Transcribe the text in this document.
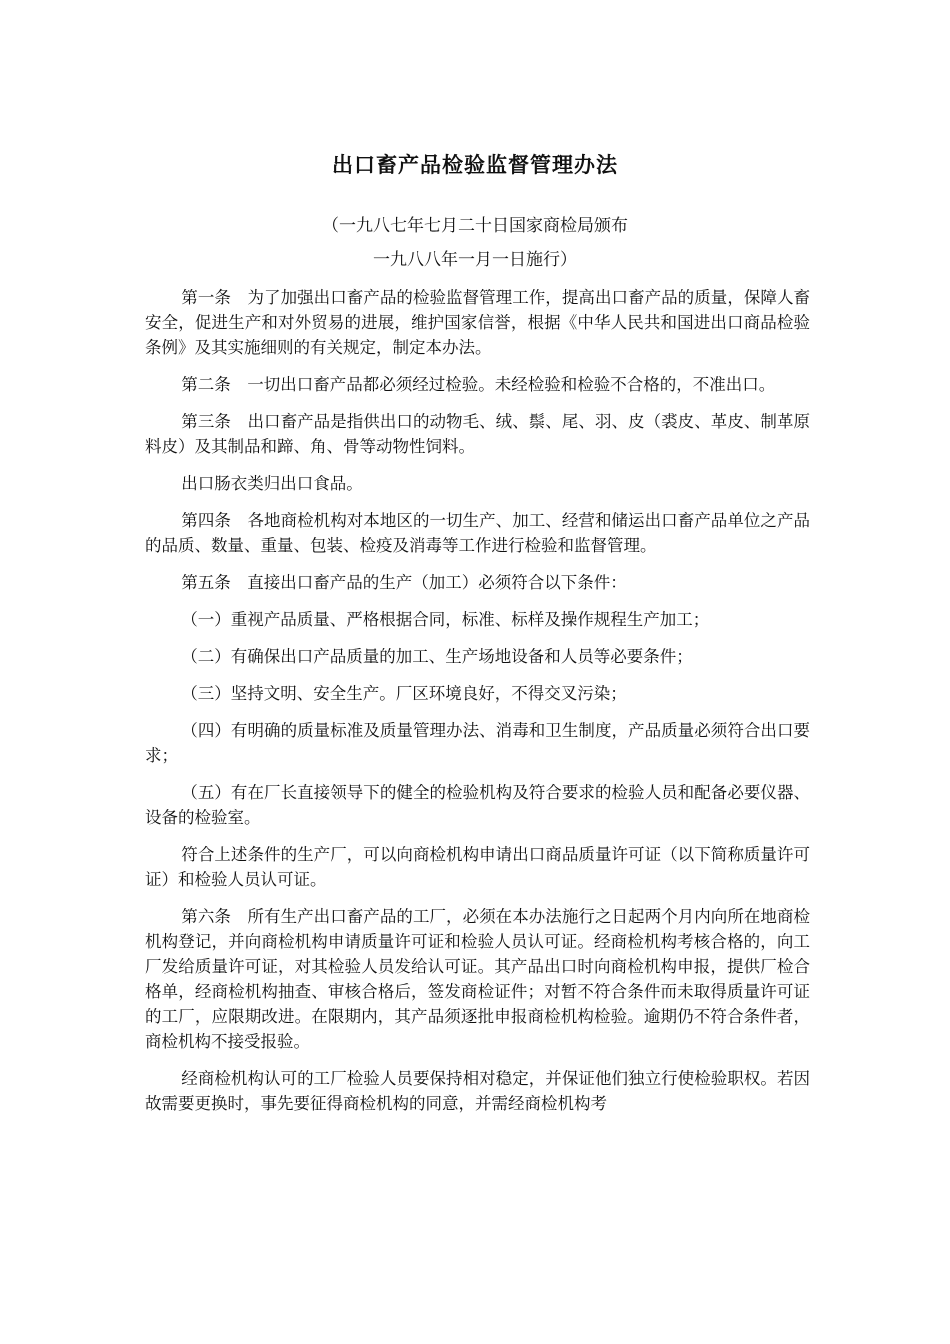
出口畜产品检验监督管理办法
（一九八七年七月二十日国家商检局颁布
一九八八年一月一日施行）

第一条　为了加强出口畜产品的检验监督管理工作，提高出口畜产品的质量，保障人畜安全，促进生产和对外贸易的进展，维护国家信誉，根据《中华人民共和国进出口商品检验条例》及其实施细则的有关规定，制定本办法。

第二条　一切出口畜产品都必须经过检验。未经检验和检验不合格的，不准出口。

第三条　出口畜产品是指供出口的动物毛、绒、鬃、尾、羽、皮（裘皮、革皮、制革原料皮）及其制品和蹄、角、骨等动物性饲料。

出口肠衣类归出口食品。

第四条　各地商检机构对本地区的一切生产、加工、经营和储运出口畜产品单位之产品的品质、数量、重量、包装、检疫及消毒等工作进行检验和监督管理。

第五条　直接出口畜产品的生产（加工）必须符合以下条件：

（一）重视产品质量、严格根据合同，标准、标样及操作规程生产加工；

（二）有确保出口产品质量的加工、生产场地设备和人员等必要条件；

（三）坚持文明、安全生产。厂区环境良好，不得交叉污染；

（四）有明确的质量标准及质量管理办法、消毒和卫生制度，产品质量必须符合出口要求；

（五）有在厂长直接领导下的健全的检验机构及符合要求的检验人员和配备必要仪器、设备的检验室。

符合上述条件的生产厂，可以向商检机构申请出口商品质量许可证（以下简称质量许可证）和检验人员认可证。

第六条　所有生产出口畜产品的工厂，必须在本办法施行之日起两个月内向所在地商检机构登记，并向商检机构申请质量许可证和检验人员认可证。经商检机构考核合格的，向工厂发给质量许可证，对其检验人员发给认可证。其产品出口时向商检机构申报，提供厂检合格单，经商检机构抽查、审核合格后，签发商检证件；对暂不符合条件而未取得质量许可证的工厂，应限期改进。在限期内，其产品须逐批申报商检机构检验。逾期仍不符合条件者，商检机构不接受报验。

经商检机构认可的工厂检验人员要保持相对稳定，并保证他们独立行使检验职权。若因故需要更换时，事先要征得商检机构的同意，并需经商检机构考
